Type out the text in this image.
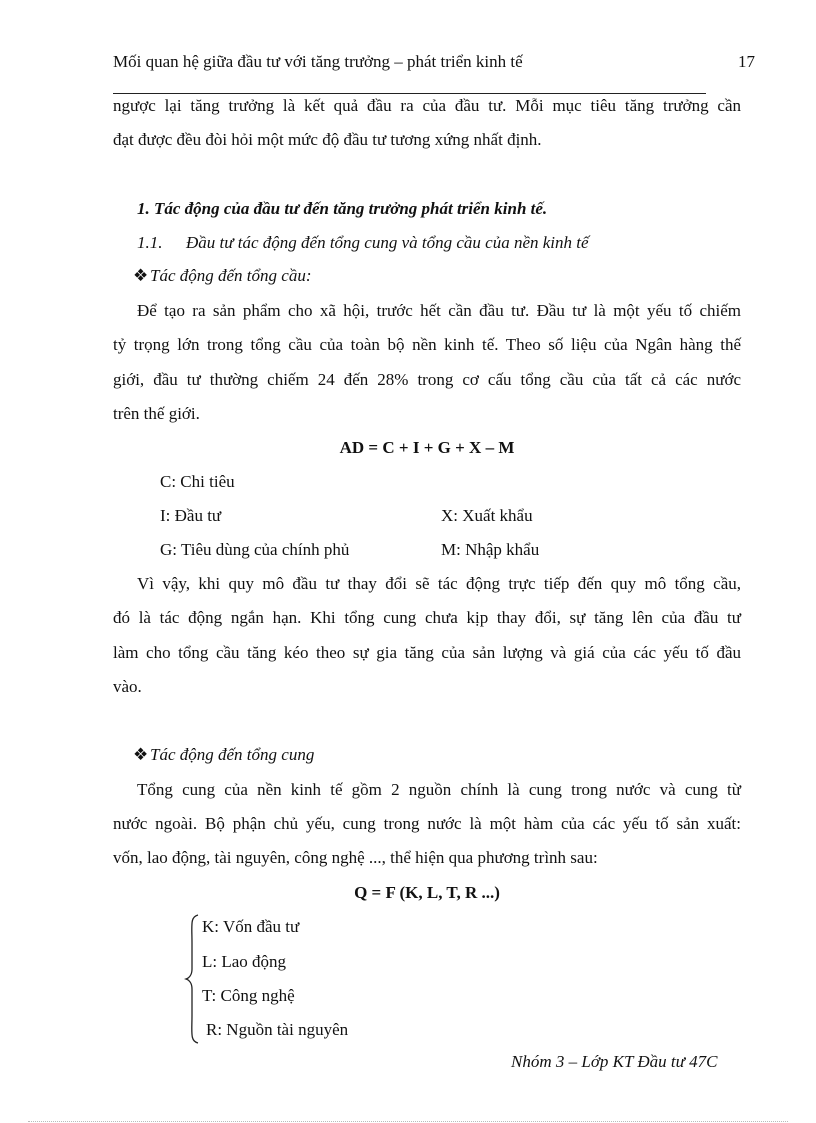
Mối quan hệ giữa đầu tư với tăng trưởng – phát triển kinh tế	17
ngược lại tăng trưởng là kết quả đầu ra của đầu tư. Mỗi mục tiêu tăng trưởng cần
đạt được đều đòi hỏi một mức độ đầu tư tương xứng nhất định.
1. Tác động của đầu tư đến tăng trưởng phát triển kinh tế.
1.1. Đầu tư tác động đến tổng cung và tổng cầu của nền kinh tế
❖ Tác động đến tổng cầu:
Để tạo ra sản phẩm cho xã hội, trước hết cần đầu tư. Đầu tư là một yếu tố chiếm
tỷ trọng lớn trong tổng cầu của toàn bộ nền kinh tế. Theo số liệu của Ngân hàng thế
giới, đầu tư thường chiếm 24 đến 28% trong cơ cấu tổng cầu của tất cả các nước
trên thế giới.
AD = C + I + G + X – M
C: Chi tiêu
I: Đầu tư	X: Xuất khẩu
G: Tiêu dùng của chính phủ	M: Nhập khẩu
Vì vậy, khi quy mô đầu tư thay đổi sẽ tác động trực tiếp đến quy mô tổng cầu,
đó là tác động ngắn hạn. Khi tổng cung chưa kịp thay đổi, sự tăng lên của đầu tư
làm cho tổng cầu tăng kéo theo sự gia tăng của sản lượng và giá của các yếu tố đầu
vào.
❖ Tác động đến tổng cung
Tổng cung của nền kinh tế gồm 2 nguồn chính là cung trong nước và cung từ
nước ngoài. Bộ phận chủ yếu, cung trong nước là một hàm của các yếu tố sản xuất:
vốn, lao động, tài nguyên, công nghệ ..., thể hiện qua phương trình sau:
Q = F (K, L, T, R ...)
K: Vốn đầu tư
L: Lao động
T: Công nghệ
R: Nguồn tài nguyên
Nhóm 3 – Lớp KT Đầu tư 47C
